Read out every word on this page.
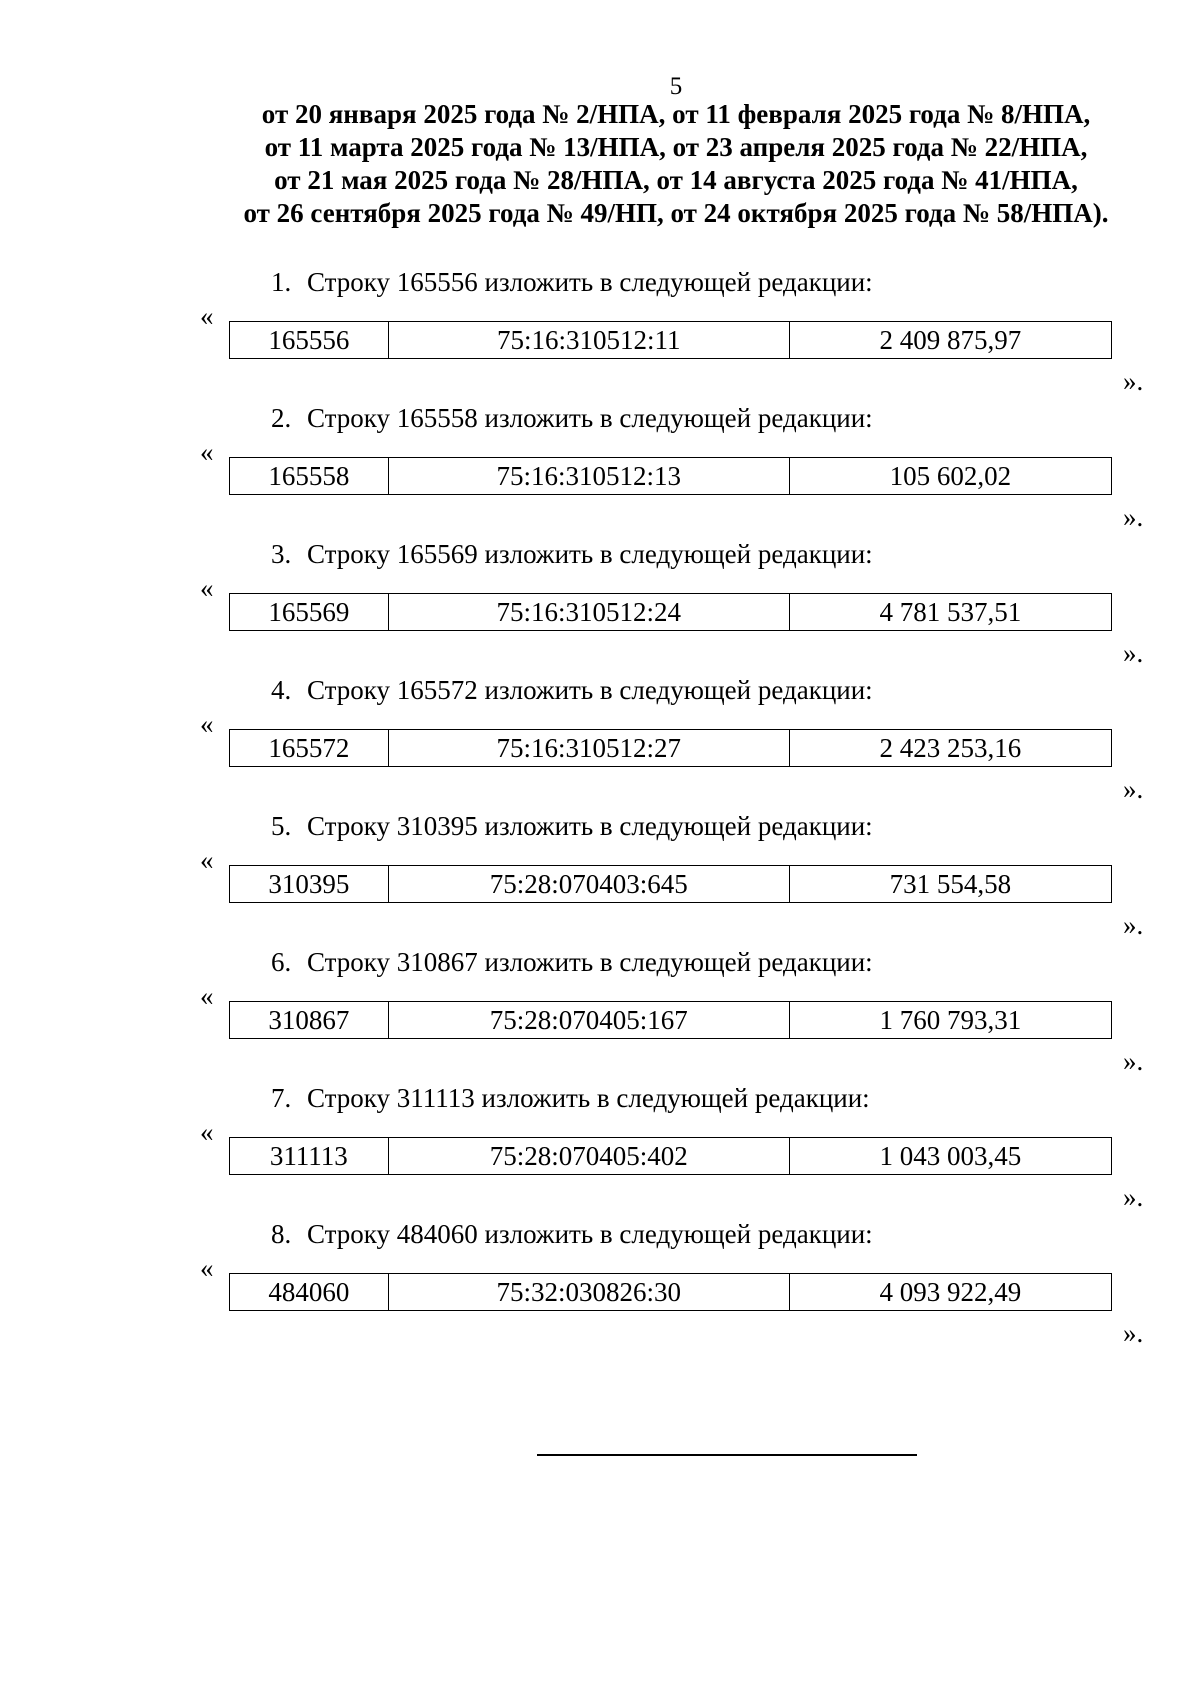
5
от 20 января 2025 года № 2/НПА, от 11 февраля 2025 года № 8/НПА,
от 11 марта 2025 года № 13/НПА, от 23 апреля 2025 года № 22/НПА,
от 21 мая 2025 года № 28/НПА, от 14 августа 2025 года № 41/НПА,
от 26 сентября 2025 года № 49/НП, от 24 октября 2025 года № 58/НПА).
1. Строку 165556 изложить в следующей редакции:
«
165556	75:16:310512:11	2 409 875,97
».
2. Строку 165558 изложить в следующей редакции:
«
165558	75:16:310512:13	105 602,02
».
3. Строку 165569 изложить в следующей редакции:
«
165569	75:16:310512:24	4 781 537,51
».
4. Строку 165572 изложить в следующей редакции:
«
165572	75:16:310512:27	2 423 253,16
».
5. Строку 310395 изложить в следующей редакции:
«
310395	75:28:070403:645	731 554,58
».
6. Строку 310867 изложить в следующей редакции:
«
310867	75:28:070405:167	1 760 793,31
».
7. Строку 311113 изложить в следующей редакции:
«
311113	75:28:070405:402	1 043 003,45
».
8. Строку 484060 изложить в следующей редакции:
«
484060	75:32:030826:30	4 093 922,49
».
